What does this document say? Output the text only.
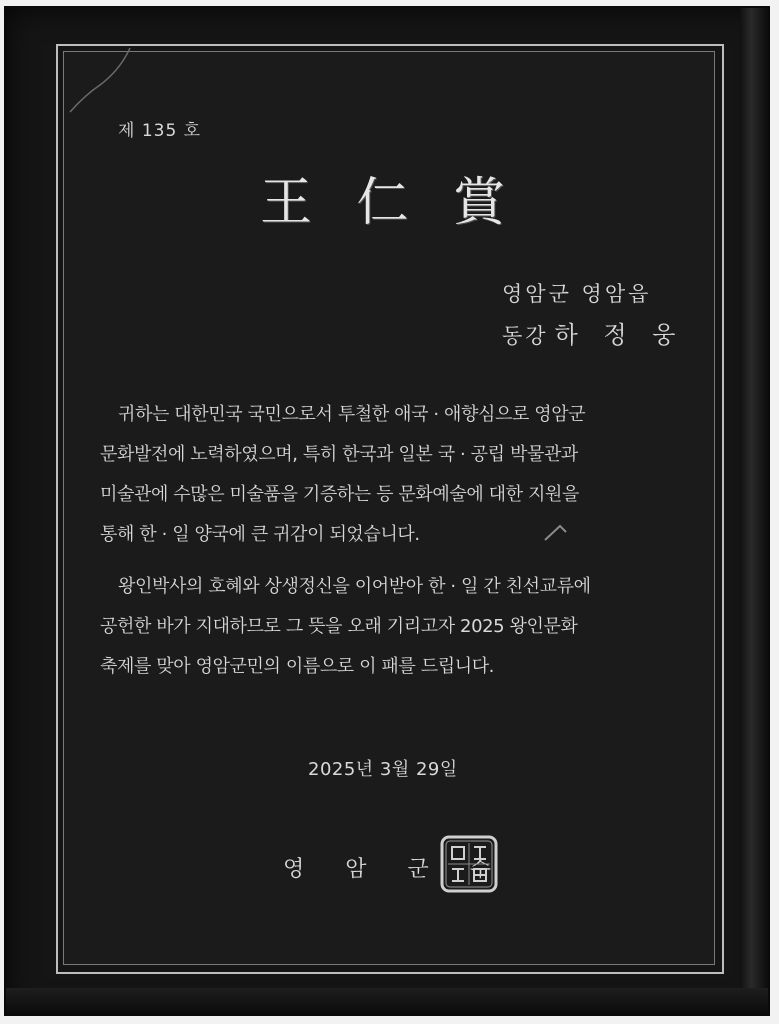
제 135 호
王 仁 賞
영암군 영암읍
동강 하 정 웅
귀하는 대한민국 국민으로서 투철한 애국 · 애향심으로 영암군
문화발전에 노력하였으며, 특히 한국과 일본 국 · 공립 박물관과
미술관에 수많은 미술품을 기증하는 등 문화예술에 대한 지원을
통해 한 · 일 양국에 큰 귀감이 되었습니다.
왕인박사의 호혜와 상생정신을 이어받아 한 · 일 간 친선교류에
공헌한 바가 지대하므로 그 뜻을 오래 기리고자 2025 왕인문화
축제를 맞아 영암군민의 이름으로 이 패를 드립니다.
2025년 3월 29일
영 암 군 수
